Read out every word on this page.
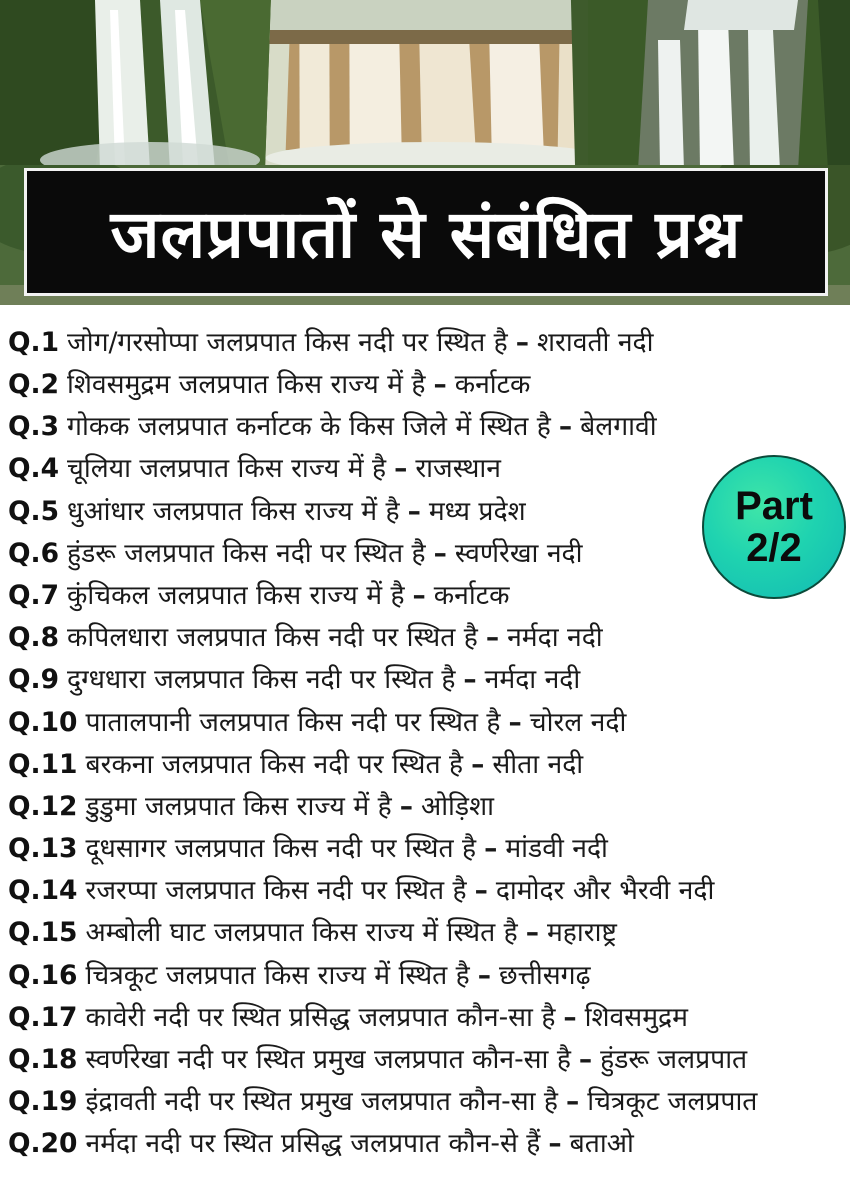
जलप्रपातों से संबंधित प्रश्न
Q.1 जोग/गरसोप्पा जलप्रपात किस नदी पर स्थित है – शरावती नदी
Q.2 शिवसमुद्रम जलप्रपात किस राज्य में है – कर्नाटक
Q.3 गोकक जलप्रपात कर्नाटक के किस जिले में स्थित है – बेलगावी
Q.4 चूलिया जलप्रपात किस राज्य में है – राजस्थान
Q.5 धुआंधार जलप्रपात किस राज्य में है – मध्य प्रदेश
Q.6 हुंडरू जलप्रपात किस नदी पर स्थित है – स्वर्णरेखा नदी
Q.7 कुंचिकल जलप्रपात किस राज्य में है – कर्नाटक
Q.8 कपिलधारा जलप्रपात किस नदी पर स्थित है – नर्मदा नदी
Q.9 दुग्धधारा जलप्रपात किस नदी पर स्थित है – नर्मदा नदी
Q.10 पातालपानी जलप्रपात किस नदी पर स्थित है – चोरल नदी
Q.11 बरकना जलप्रपात किस नदी पर स्थित है – सीता नदी
Q.12 डुडुमा जलप्रपात किस राज्य में है – ओड़िशा
Q.13 दूधसागर जलप्रपात किस नदी पर स्थित है – मांडवी नदी
Q.14 रजरप्पा जलप्रपात किस नदी पर स्थित है – दामोदर और भैरवी नदी
Q.15 अम्बोली घाट जलप्रपात किस राज्य में स्थित है – महाराष्ट्र
Q.16 चित्रकूट जलप्रपात किस राज्य में स्थित है – छत्तीसगढ़
Q.17 कावेरी नदी पर स्थित प्रसिद्ध जलप्रपात कौन-सा है – शिवसमुद्रम
Q.18 स्वर्णरेखा नदी पर स्थित प्रमुख जलप्रपात कौन-सा है – हुंडरू जलप्रपात
Q.19 इंद्रावती नदी पर स्थित प्रमुख जलप्रपात कौन-सा है – चित्रकूट जलप्रपात
Q.20 नर्मदा नदी पर स्थित प्रसिद्ध जलप्रपात कौन-से हैं – बताओ
Part
2/2
